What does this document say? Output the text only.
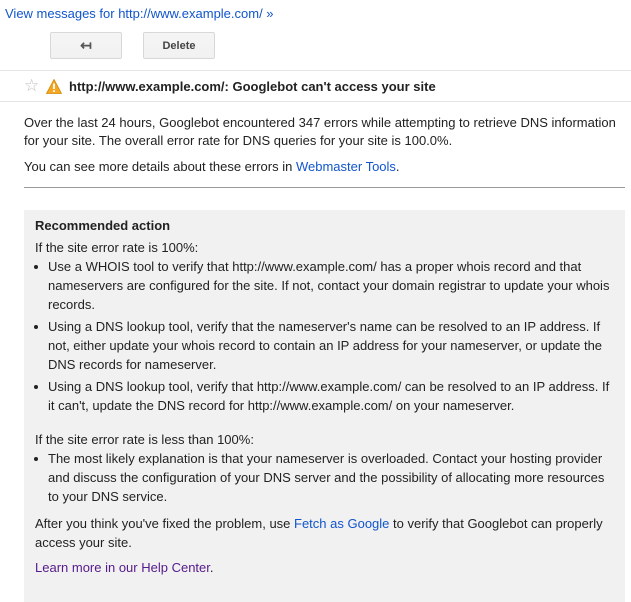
View messages for http://www.example.com/ »
↤	Delete
☆ http://www.example.com/: Googlebot can't access your site

Over the last 24 hours, Googlebot encountered 347 errors while attempting to retrieve DNS information for your site. The overall error rate for DNS queries for your site is 100.0%.

You can see more details about these errors in Webmaster Tools.

Recommended action

If the site error rate is 100%:

Use a WHOIS tool to verify that http://www.example.com/ has a proper whois record and that nameservers are configured for the site. If not, contact your domain registrar to update your whois records.
Using a DNS lookup tool, verify that the nameserver's name can be resolved to an IP address. If not, either update your whois record to contain an IP address for your nameserver, or update the DNS records for nameserver.
Using a DNS lookup tool, verify that http://www.example.com/ can be resolved to an IP address. If it can't, update the DNS record for http://www.example.com/ on your nameserver.

If the site error rate is less than 100%:

The most likely explanation is that your nameserver is overloaded. Contact your hosting provider and discuss the configuration of your DNS server and the possibility of allocating more resources to your DNS service.

After you think you've fixed the problem, use Fetch as Google to verify that Googlebot can properly access your site.

Learn more in our Help Center.
